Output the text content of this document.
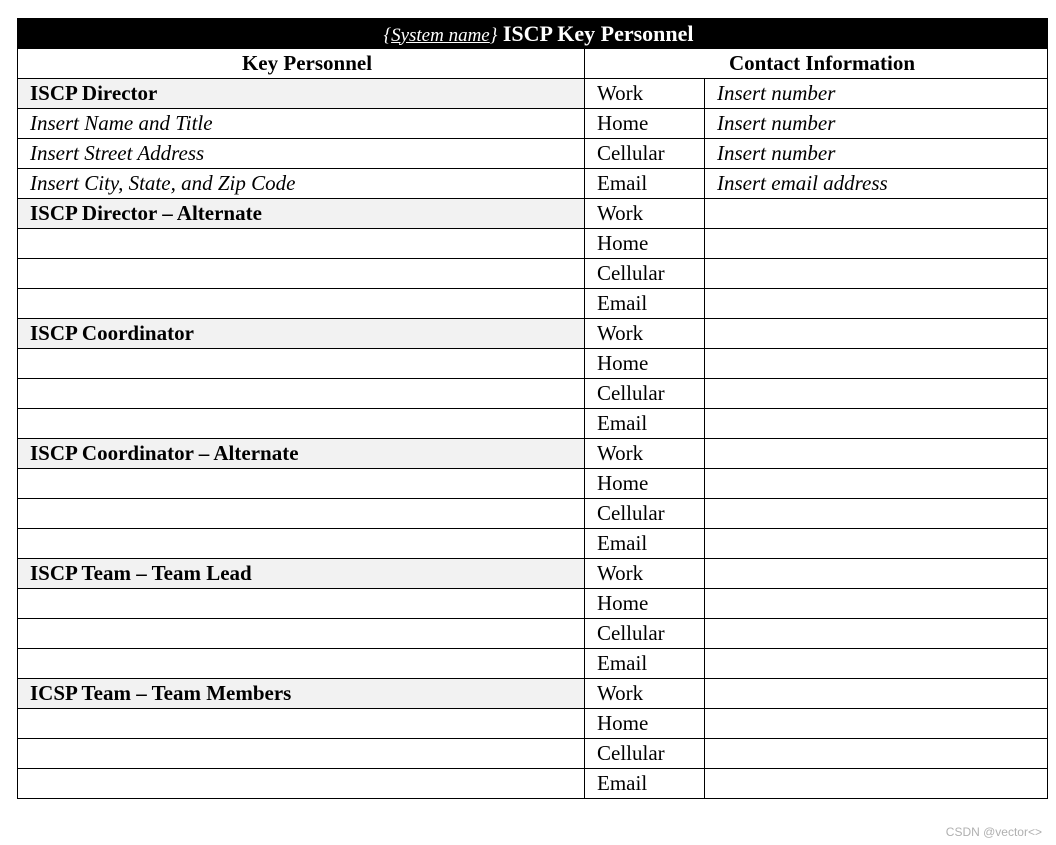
{System name} ISCP Key Personnel		
Key Personnel	Contact Information	
ISCP Director	Work	Insert number
Insert Name and Title	Home	Insert number
Insert Street Address	Cellular	Insert number
Insert City, State, and Zip Code	Email	Insert email address
ISCP Director – Alternate	Work	
	Home	
	Cellular	
	Email	
ISCP Coordinator	Work	
	Home	
	Cellular	
	Email	
ISCP Coordinator – Alternate	Work	
	Home	
	Cellular	
	Email	
ISCP Team – Team Lead	Work	
	Home	
	Cellular	
	Email	
ICSP Team – Team Members	Work	
	Home	
	Cellular	
	Email	
CSDN @vector<>
